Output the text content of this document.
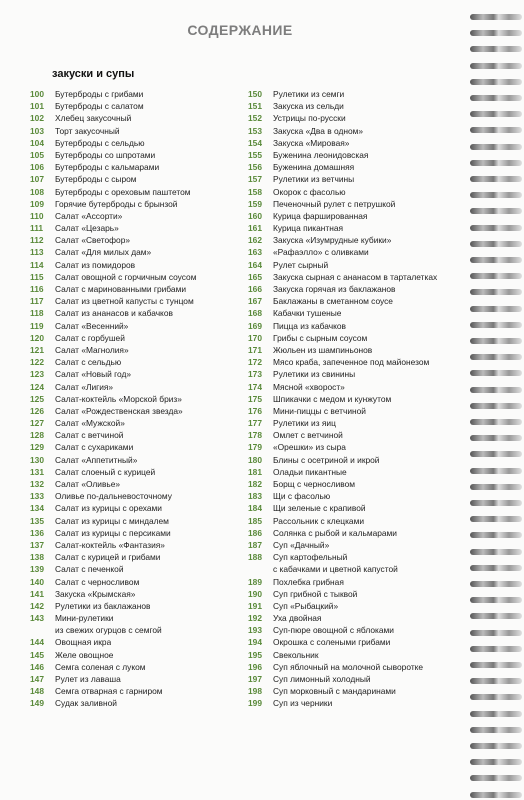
СОДЕРЖАНИЕ
закуски и супы
100	Бутерброды с грибами
101	Бутерброды с салатом
102	Хлебец закусочный
103	Торт закусочный
104	Бутерброды с сельдью
105	Бутерброды со шпротами
106	Бутерброды с кальмарами
107	Бутерброды с сыром
108	Бутерброды с ореховым паштетом
109	Горячие бутерброды с брынзой
110	Салат «Ассорти»
111	Салат «Цезарь»
112	Салат «Светофор»
113	Салат «Для милых дам»
114	Салат из помидоров
115	Салат овощной с горчичным соусом
116	Салат с маринованными грибами
117	Салат из цветной капусты с тунцом
118	Салат из ананасов и кабачков
119	Салат «Весенний»
120	Салат с горбушей
121	Салат «Магнолия»
122	Салат с сельдью
123	Салат «Новый год»
124	Салат «Лигия»
125	Салат-коктейль «Морской бриз»
126	Салат «Рождественская звезда»
127	Салат «Мужской»
128	Салат с ветчиной
129	Салат с сухариками
130	Салат «Аппетитный»
131	Салат слоеный с курицей
132	Салат «Оливье»
133	Оливье по-дальневосточному
134	Салат из курицы с орехами
135	Салат из курицы с миндалем
136	Салат из курицы с персиками
137	Салат-коктейль «Фантазия»
138	Салат с курицей и грибами
139	Салат с печенкой
140	Салат с черносливом
141	Закуска «Крымская»
142	Рулетики из баклажанов
143	Мини-рулетики
из свежих огурцов с семгой
144	Овощная икра
145	Желе овощное
146	Семга соленая с луком
147	Рулет из лаваша
148	Семга отварная с гарниром
149	Судак заливной
150	Рулетики из семги
151	Закуска из сельди
152	Устрицы по-русски
153	Закуска «Два в одном»
154	Закуска «Мировая»
155	Буженина леонидовская
156	Буженина домашняя
157	Рулетики из ветчины
158	Окорок с фасолью
159	Печеночный рулет с петрушкой
160	Курица фаршированная
161	Курица пикантная
162	Закуска «Изумрудные кубики»
163	«Рафаэлло» с оливками
164	Рулет сырный
165	Закуска сырная с ананасом в тарталетках
166	Закуска горячая из баклажанов
167	Баклажаны в сметанном соусе
168	Кабачки тушеные
169	Пицца из кабачков
170	Грибы с сырным соусом
171	Жюльен из шампиньонов
172	Мясо краба, запеченное под майонезом
173	Рулетики из свинины
174	Мясной «хворост»
175	Шпикачки с медом и кунжутом
176	Мини-пиццы с ветчиной
177	Рулетики из яиц
178	Омлет с ветчиной
179	«Орешки» из сыра
180	Блины с осетриной и икрой
181	Оладьи пикантные
182	Борщ с черносливом
183	Щи с фасолью
184	Щи зеленые с крапивой
185	Рассольник с клецками
186	Солянка с рыбой и кальмарами
187	Суп «Дачный»
188	Суп картофельный
с кабачками и цветной капустой
189	Похлебка грибная
190	Суп грибной с тыквой
191	Суп «Рыбацкий»
192	Уха двойная
193	Суп-пюре овощной с яблоками
194	Окрошка с солеными грибами
195	Свекольник
196	Суп яблочный на молочной сыворотке
197	Суп лимонный холодный
198	Суп морковный с мандаринами
199	Суп из черники
